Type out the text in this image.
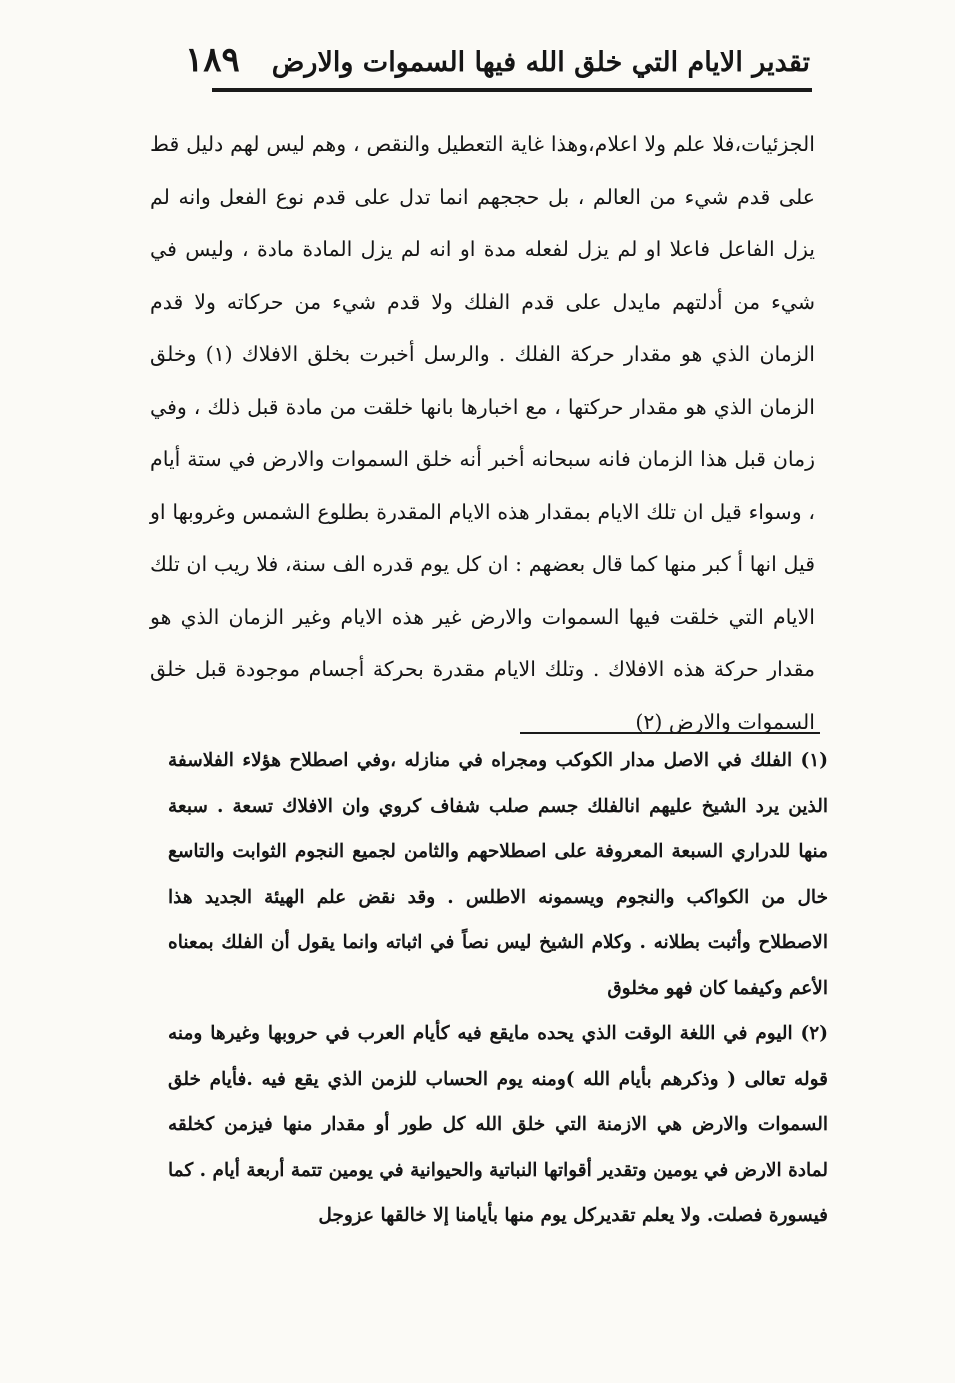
تقدير الايام التي خلق الله فيها السموات والارض
١٨٩

الجزئيات،فلا علم ولا اعلام،وهذا غاية التعطيل والنقص ، وهم ليس لهم دليل قط على قدم شيء من العالم ، بل حججهم انما تدل على قدم نوع الفعل وانه لم يزل الفاعل فاعلا او لم يزل لفعله مدة او انه لم يزل المادة مادة ، وليس في شيء من أدلتهم مايدل على قدم الفلك ولا قدم شيء من حركاته ولا قدم الزمان الذي هو مقدار حركة الفلك . والرسل أخبرت بخلق الافلاك (١) وخلق الزمان الذي هو مقدار حركتها ، مع اخبارها بانها خلقت من مادة قبل ذلك ، وفي زمان قبل هذا الزمان فانه سبحانه أخبر أنه خلق السموات والارض في ستة أيام ، وسواء قيل ان تلك الايام بمقدار هذه الايام المقدرة بطلوع الشمس وغروبها او قيل انها أ كبر منها كما قال بعضهم : ان كل يوم قدره الف سنة، فلا ريب ان تلك الايام التي خلقت فيها السموات والارض غير هذه الايام وغير الزمان الذي هو مقدار حركة هذه الافلاك . وتلك الايام مقدرة بحركة أجسام موجودة قبل خلق السموات والارض (٢)

(١) الفلك في الاصل مدار الكوكب ومجراه في منازله ،وفي اصطلاح هؤلاء الفلاسفة الذين يرد الشيخ عليهم انالفلك جسم صلب شفاف كروي وان الافلاك تسعة . سبعة منها للدراري السبعة المعروفة على اصطلاحهم والثامن لجميع النجوم الثوابت والتاسع خال من الكواكب والنجوم ويسمونه الاطلس . وقد نقض علم الهيئة الجديد هذا الاصطلاح وأثبت بطلانه . وكلام الشيخ ليس نصاً في اثباته وانما يقول أن الفلك بمعناه الأعم وكيفما كان فهو مخلوق

(٢) اليوم في اللغة الوقت الذي يحده مايقع فيه كأيام العرب في حروبها وغيرها ومنه قوله تعالى ( وذكرهم بأيام الله )ومنه يوم الحساب للزمن الذي يقع فيه .فأيام خلق السموات والارض هي الازمنة التي خلق الله كل طور أو مقدار منها فيزمن كخلقه لمادة الارض في يومين وتقدير أقواتها النباتية والحيوانية في يومين تتمة أربعة أيام . كما فيسورة فصلت. ولا يعلم تقديركل يوم منها بأيامنا إلا خالقها عزوجل
